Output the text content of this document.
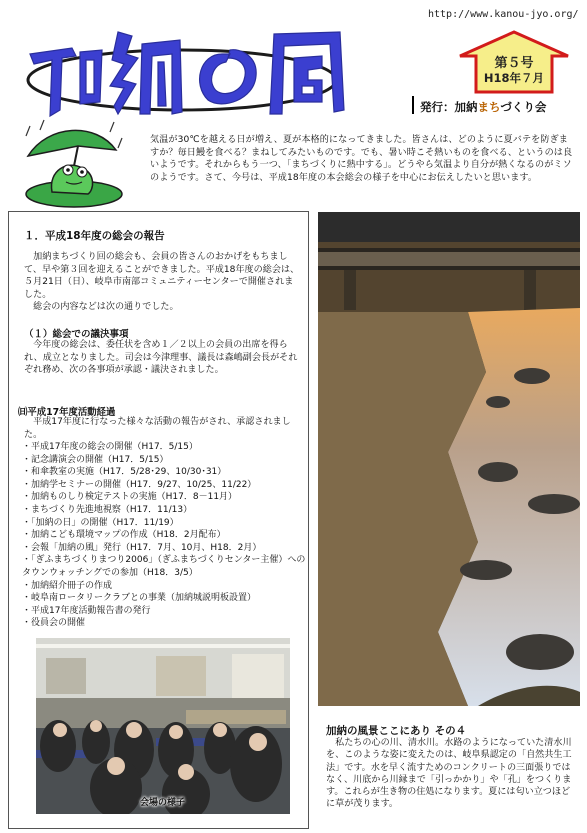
http://www.kanou-jyo.org/
第５号
H18年７月
発行：加納まちづくり会
気温が30℃を越える日が増え、夏が本格的になってきました。皆さんは、どのように夏バテを防ぎますか？毎日鰻を食べる？まねしてみたいものです。でも、暑い時こそ熱いものを食べる、というのは良いようです。それからもう一つ、「まちづくりに熱中する」。どうやら気温より自分が熱くなるのがミソのようです。さて、今号は、平成18年度の本会総会の様子を中心にお伝えしたいと思います。
１．平成18年度の総会の報告
　加納まちづくり回の総会も、会員の皆さんのおかげをもちまして、早や第３回を迎えることができました。平成18年度の総会は、５月21日（日）、岐阜市南部コミュニティーセンターで開催されました。
　総会の内容などは次の通りでした。
（１）総会での議決事項
　今年度の総会は、委任状を含め１／２以上の会員の出席を得られ、成立となりました。司会は今津理事、議長は森嶋副会長がそれぞれ務め、次の各事項が承認・議決されました。
㈰平成17年度活動経過
　平成17年度に行なった様々な活動の報告がされ、承認されました。
・平成17年度の総会の開催（H17．5/15）
・記念講演会の開催（H17．5/15）
・和傘教室の実施（H17．5/28･29、10/30･31）
・加納学セミナーの開催（H17．9/27、10/25、11/22）
・加納ものしり検定テストの実施（H17．8－11月）
・まちづくり先進地視察（H17．11/13）
・「加納の日」の開催（H17．11/19）
・加納こども環境マップの作成（H18．2月配布）
・会報「加納の風」発行（H17．7月、10月、H18．2月）
・「ぎふまちづくりまつり2006」（ぎふまちづくりセンター主催）へのタウンウォッチングでの参加（H18．3/5）
・加納紹介冊子の作成
・岐阜南ロータリークラブとの事業（加納城説明板設置）
・平成17年度活動報告書の発行
・役員会の開催
会場の様子
加納の風景ここにあり その４
　私たちの心の川、清水川。水路のようになっていた清水川を、このような姿に変えたのは、岐阜県認定の「自然共生工法」です。水を早く流すためのコンクリートの三面張りではなく、川底から川縁まで「引っかかり」や「孔」をつくります。これらが生き物の住処になります。夏には匂い立つほどに草が茂ります。
